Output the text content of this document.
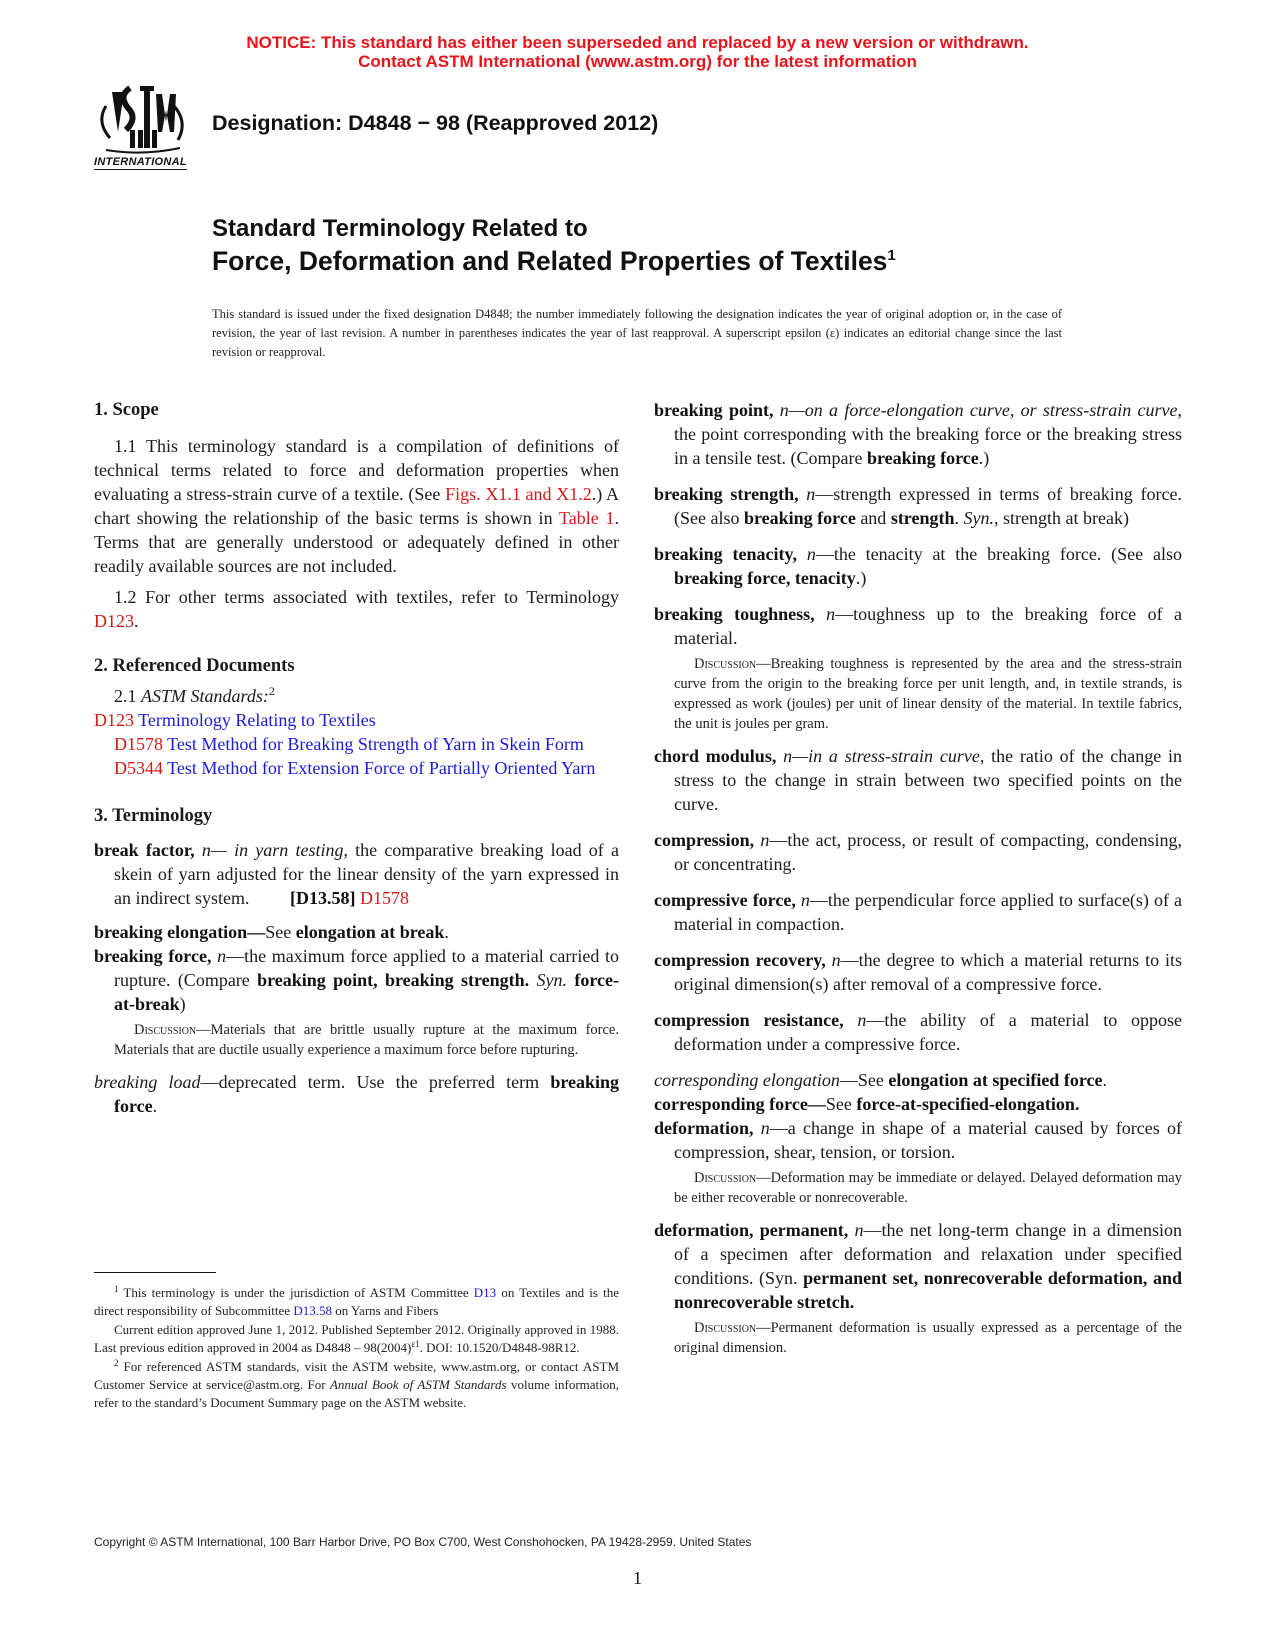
NOTICE: This standard has either been superseded and replaced by a new version or withdrawn.
Contact ASTM International (www.astm.org) for the latest information
INTERNATIONAL
Designation: D4848 − 98 (Reapproved 2012)
Standard Terminology Related to
Force, Deformation and Related Properties of Textiles$^1$
This standard is issued under the fixed designation D4848; the number immediately following the designation indicates the year of original adoption or, in the case of revision, the year of last revision. A number in parentheses indicates the year of last reapproval. A superscript epsilon (ε) indicates an editorial change since the last revision or reapproval.
1. Scope

1.1 This terminology standard is a compilation of definitions of technical terms related to force and deformation properties when evaluating a stress-strain curve of a textile. (See Figs. X1.1 and X1.2.) A chart showing the relationship of the basic terms is shown in Table 1. Terms that are generally understood or adequately defined in other readily available sources are not included.

1.2 For other terms associated with textiles, refer to Terminology D123.

2. Referenced Documents
2.1 ASTM Standards:$^2$

D123 Terminology Relating to Textiles

D1578 Test Method for Breaking Strength of Yarn in Skein Form

D5344 Test Method for Extension Force of Partially Oriented Yarn

3. Terminology

break factor, n— in yarn testing, the comparative breaking load of a skein of yarn adjusted for the linear density of the yarn expressed in an indirect system. [D13.58] D1578

breaking elongation—See elongation at break.

breaking force, n—the maximum force applied to a material carried to rupture. (Compare breaking point, breaking strength. Syn. force-at-break)

Discussion—Materials that are brittle usually rupture at the maximum force. Materials that are ductile usually experience a maximum force before rupturing.

breaking load—deprecated term. Use the preferred term breaking force.

breaking point, n—on a force-elongation curve, or stress-strain curve, the point corresponding with the breaking force or the breaking stress in a tensile test. (Compare breaking force.)

breaking strength, n—strength expressed in terms of breaking force. (See also breaking force and strength. Syn., strength at break)

breaking tenacity, n—the tenacity at the breaking force. (See also breaking force, tenacity.)

breaking toughness, n—toughness up to the breaking force of a material.

Discussion—Breaking toughness is represented by the area and the stress-strain curve from the origin to the breaking force per unit length, and, in textile strands, is expressed as work (joules) per unit of linear density of the material. In textile fabrics, the unit is joules per gram.

chord modulus, n—in a stress-strain curve, the ratio of the change in stress to the change in strain between two specified points on the curve.

compression, n—the act, process, or result of compacting, condensing, or concentrating.

compressive force, n—the perpendicular force applied to surface(s) of a material in compaction.

compression recovery, n—the degree to which a material returns to its original dimension(s) after removal of a compressive force.

compression resistance, n—the ability of a material to oppose deformation under a compressive force.

corresponding elongation—See elongation at specified force.

corresponding force—See force-at-specified-elongation.

deformation, n—a change in shape of a material caused by forces of compression, shear, tension, or torsion.

Discussion—Deformation may be immediate or delayed. Delayed deformation may be either recoverable or nonrecoverable.

deformation, permanent, n—the net long-term change in a dimension of a specimen after deformation and relaxation under specified conditions. (Syn. permanent set, nonrecoverable deformation, and nonrecoverable stretch.

Discussion—Permanent deformation is usually expressed as a percentage of the original dimension.

$^1$ This terminology is under the jurisdiction of ASTM Committee D13 on Textiles and is the direct responsibility of Subcommittee D13.58 on Yarns and Fibers

Current edition approved June 1, 2012. Published September 2012. Originally approved in 1988. Last previous edition approved in 2004 as $D4848 - 98(2004)^{\varepsilon 1}$. DOI: 10.1520/D4848-98R12.

$^2$ For referenced ASTM standards, visit the ASTM website, www.astm.org, or contact ASTM Customer Service at service@astm.org. For Annual Book of ASTM Standards volume information, refer to the standard’s Document Summary page on the ASTM website.

Copyright © ASTM International, 100 Barr Harbor Drive, PO Box C700, West Conshohocken, PA 19428-2959. United States
1
